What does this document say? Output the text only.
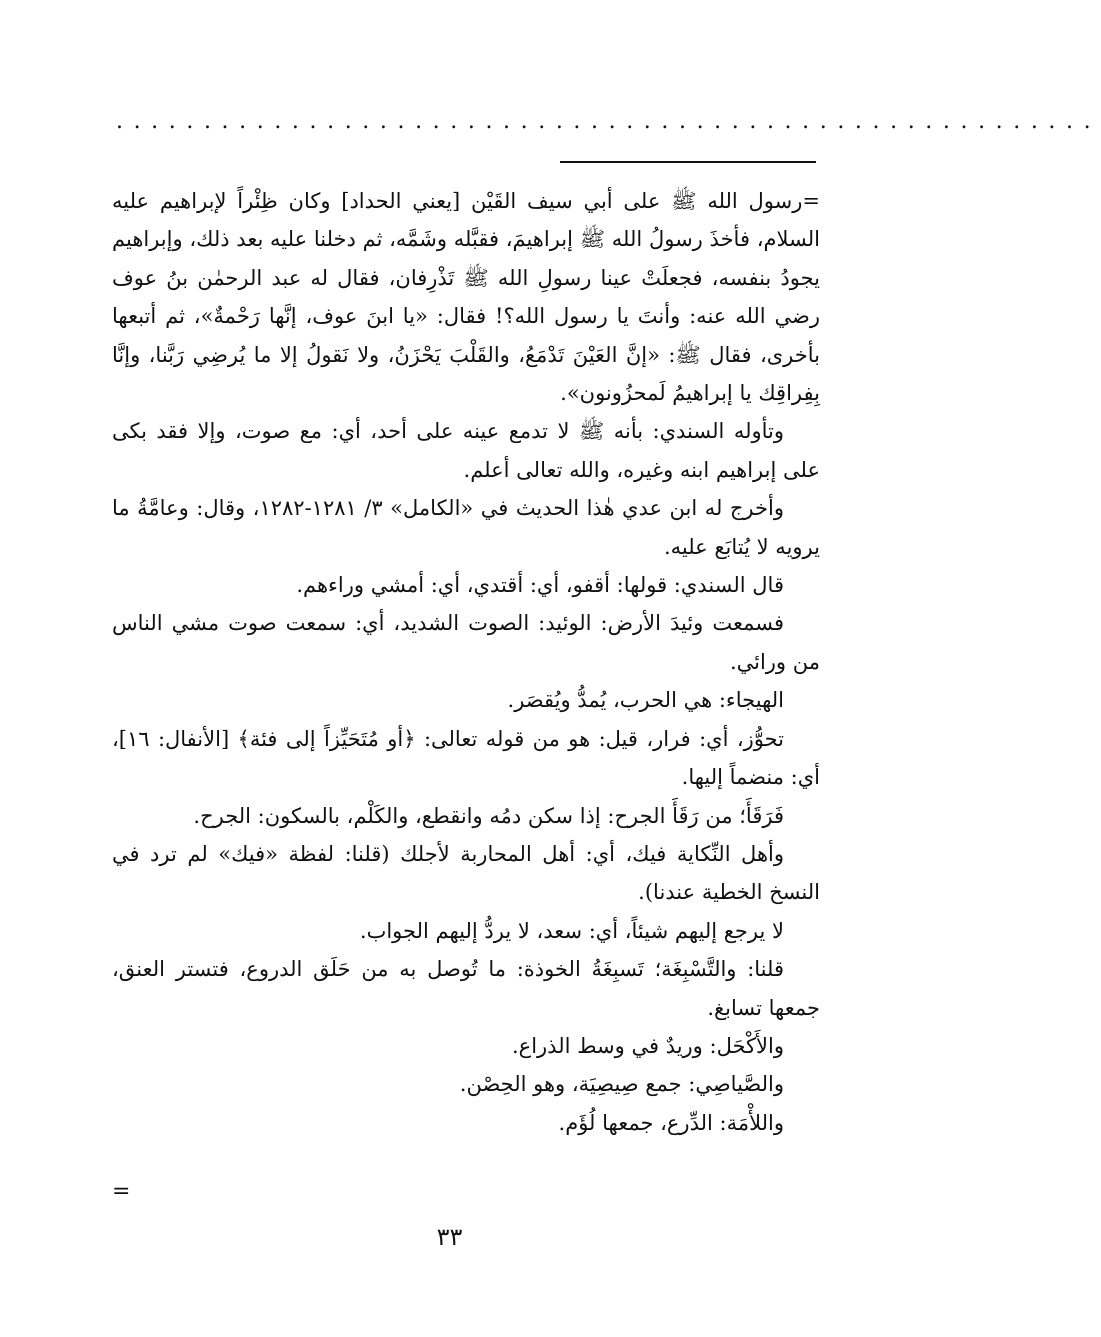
........................................................

=رسول الله ﷺ على أبي سيف القَيْن [يعني الحداد] وكان ظِئْراً لإبراهيم عليه السلام، فأخذَ رسولُ الله ﷺ إبراهيمَ، فقبَّله وشَمَّه، ثم دخلنا عليه بعد ذلك، وإبراهيم يجودُ بنفسه، فجعلَتْ عينا رسولِ الله ﷺ تَذْرِفان، فقال له عبد الرحمٰن بنُ عوف رضي الله عنه: وأنتَ يا رسول الله؟! فقال: «يا ابنَ عوف، إنَّها رَحْمةٌ»، ثم أتبعها بأخرى، فقال ﷺ: «إنَّ العَيْنَ تَدْمَعُ، والقَلْبَ يَحْزَنُ، ولا نَقولُ إلا ما يُرضِي رَبَّنا، وإنَّا بِفِراقِك يا إبراهيمُ لَمحزُونون».

وتأوله السندي: بأنه ﷺ لا تدمع عينه على أحد، أي: مع صوت، وإلا فقد بكى على إبراهيم ابنه وغيره، والله تعالى أعلم.

وأخرج له ابن عدي هٰذا الحديث في «الكامل» ٣/ ١٢٨١-١٢٨٢، وقال: وعامَّةُ ما يرويه لا يُتابَع عليه.

قال السندي: قولها: أقفو، أي: أقتدي، أي: أمشي وراءهم.

فسمعت وئيدَ الأرض: الوئيد: الصوت الشديد، أي: سمعت صوت مشي الناس من ورائي.

الهيجاء: هي الحرب، يُمدُّ ويُقصَر.

تحوُّز، أي: فرار، قيل: هو من قوله تعالى: ﴿أو مُتَحَيِّزاً إلى فئة﴾ [الأنفال: ١٦]، أي: منضماً إليها.

فَرَقَأَ؛ من رَقَأَ الجرح: إذا سكن دمُه وانقطع، والكَلْم، بالسكون: الجرح.

وأهل النِّكاية فيك، أي: أهل المحاربة لأجلك (قلنا: لفظة «فيك» لم ترد في النسخ الخطية عندنا).

لا يرجع إليهم شيئاً، أي: سعد، لا يردُّ إليهم الجواب.

قلنا: والتَّسْبِغَة؛ تَسبِغَةُ الخوذة: ما تُوصل به من حَلَق الدروع، فتستر العنق، جمعها تسابغ.

والأَكْحَل: وريدٌ في وسط الذراع.

والصَّياصِي: جمع صِيصِيَة، وهو الحِصْن.

واللأْمَة: الدِّرع، جمعها لُؤَم.

=
٣٣
